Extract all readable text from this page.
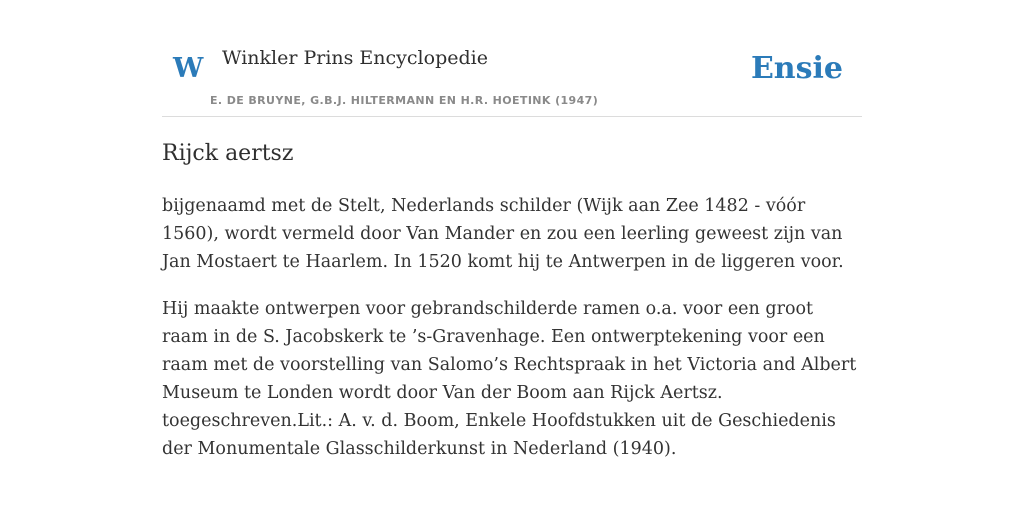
W Winkler Prins Encyclopedie
E. DE BRUYNE, G.B.J. HILTERMANN EN H.R. HOETINK (1947)
Ensie
Rijck aertsz

bijgenaamd met de Stelt, Nederlands schilder (Wijk aan Zee 1482 - vóór 1560), wordt vermeld door Van Mander en zou een leerling geweest zijn van Jan Mostaert te Haarlem. In 1520 komt hij te Antwerpen in de liggeren voor.

Hij maakte ontwerpen voor gebrandschilderde ramen o.a. voor een groot raam in de S. Jacobskerk te ’s-Gravenhage. Een ontwerptekening voor een raam met de voorstelling van Salomo’s Rechtspraak in het Victoria and Albert Museum te Londen wordt door Van der Boom aan Rijck Aertsz. toegeschreven.Lit.: A. v. d. Boom, Enkele Hoofdstukken uit de Geschiedenis der Monumentale Glasschilderkunst in Nederland (1940).
